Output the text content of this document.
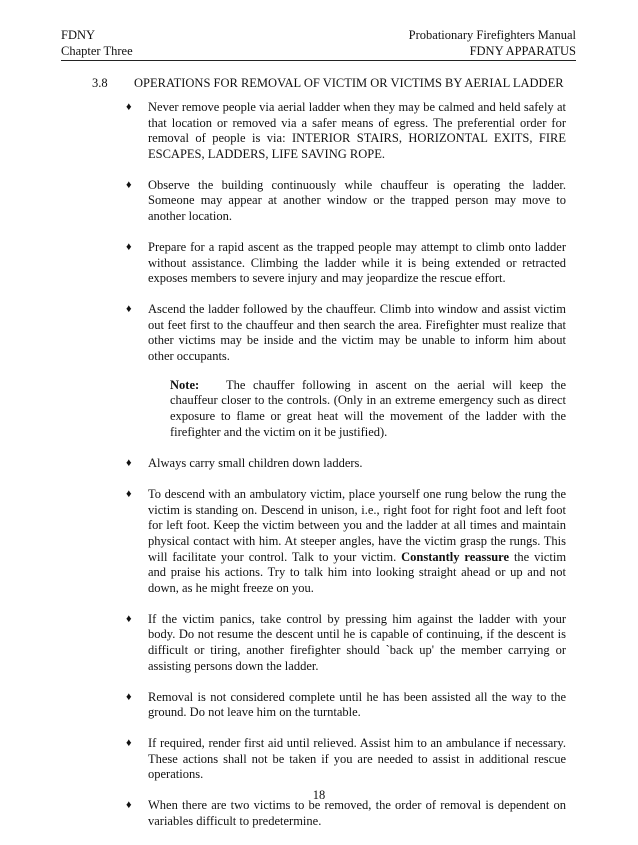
FDNY	Probationary Firefighters Manual
Chapter Three	FDNY APPARATUS
3.8	OPERATIONS FOR REMOVAL OF VICTIM OR VICTIMS BY AERIAL LADDER
♦	Never remove people via aerial ladder when they may be calmed and held safely at that location or removed via a safer means of egress. The preferential order for removal of people is via: INTERIOR STAIRS, HORIZONTAL EXITS, FIRE ESCAPES, LADDERS, LIFE SAVING ROPE.
♦	Observe the building continuously while chauffeur is operating the ladder. Someone may appear at another window or the trapped person may move to another location.
♦	Prepare for a rapid ascent as the trapped people may attempt to climb onto ladder without assistance. Climbing the ladder while it is being extended or retracted exposes members to severe injury and may jeopardize the rescue effort.
♦	Ascend the ladder followed by the chauffeur. Climb into window and assist victim out feet first to the chauffeur and then search the area. Firefighter must realize that other victims may be inside and the victim may be unable to inform him about other occupants.
Note: The chauffer following in ascent on the aerial will keep the chauffeur closer to the controls. (Only in an extreme emergency such as direct exposure to flame or great heat will the movement of the ladder with the firefighter and the victim on it be justified).
♦	Always carry small children down ladders.
♦	To descend with an ambulatory victim, place yourself one rung below the rung the victim is standing on. Descend in unison, i.e., right foot for right foot and left foot for left foot. Keep the victim between you and the ladder at all times and maintain physical contact with him. At steeper angles, have the victim grasp the rungs. This will facilitate your control. Talk to your victim. Constantly reassure the victim and praise his actions. Try to talk him into looking straight ahead or up and not down, as he might freeze on you.
♦	If the victim panics, take control by pressing him against the ladder with your body. Do not resume the descent until he is capable of continuing, if the descent is difficult or tiring, another firefighter should `back up' the member carrying or assisting persons down the ladder.
♦	Removal is not considered complete until he has been assisted all the way to the ground. Do not leave him on the turntable.
♦	If required, render first aid until relieved. Assist him to an ambulance if necessary. These actions shall not be taken if you are needed to assist in additional rescue operations.
♦	When there are two victims to be removed, the order of removal is dependent on variables difficult to predetermine.
18
